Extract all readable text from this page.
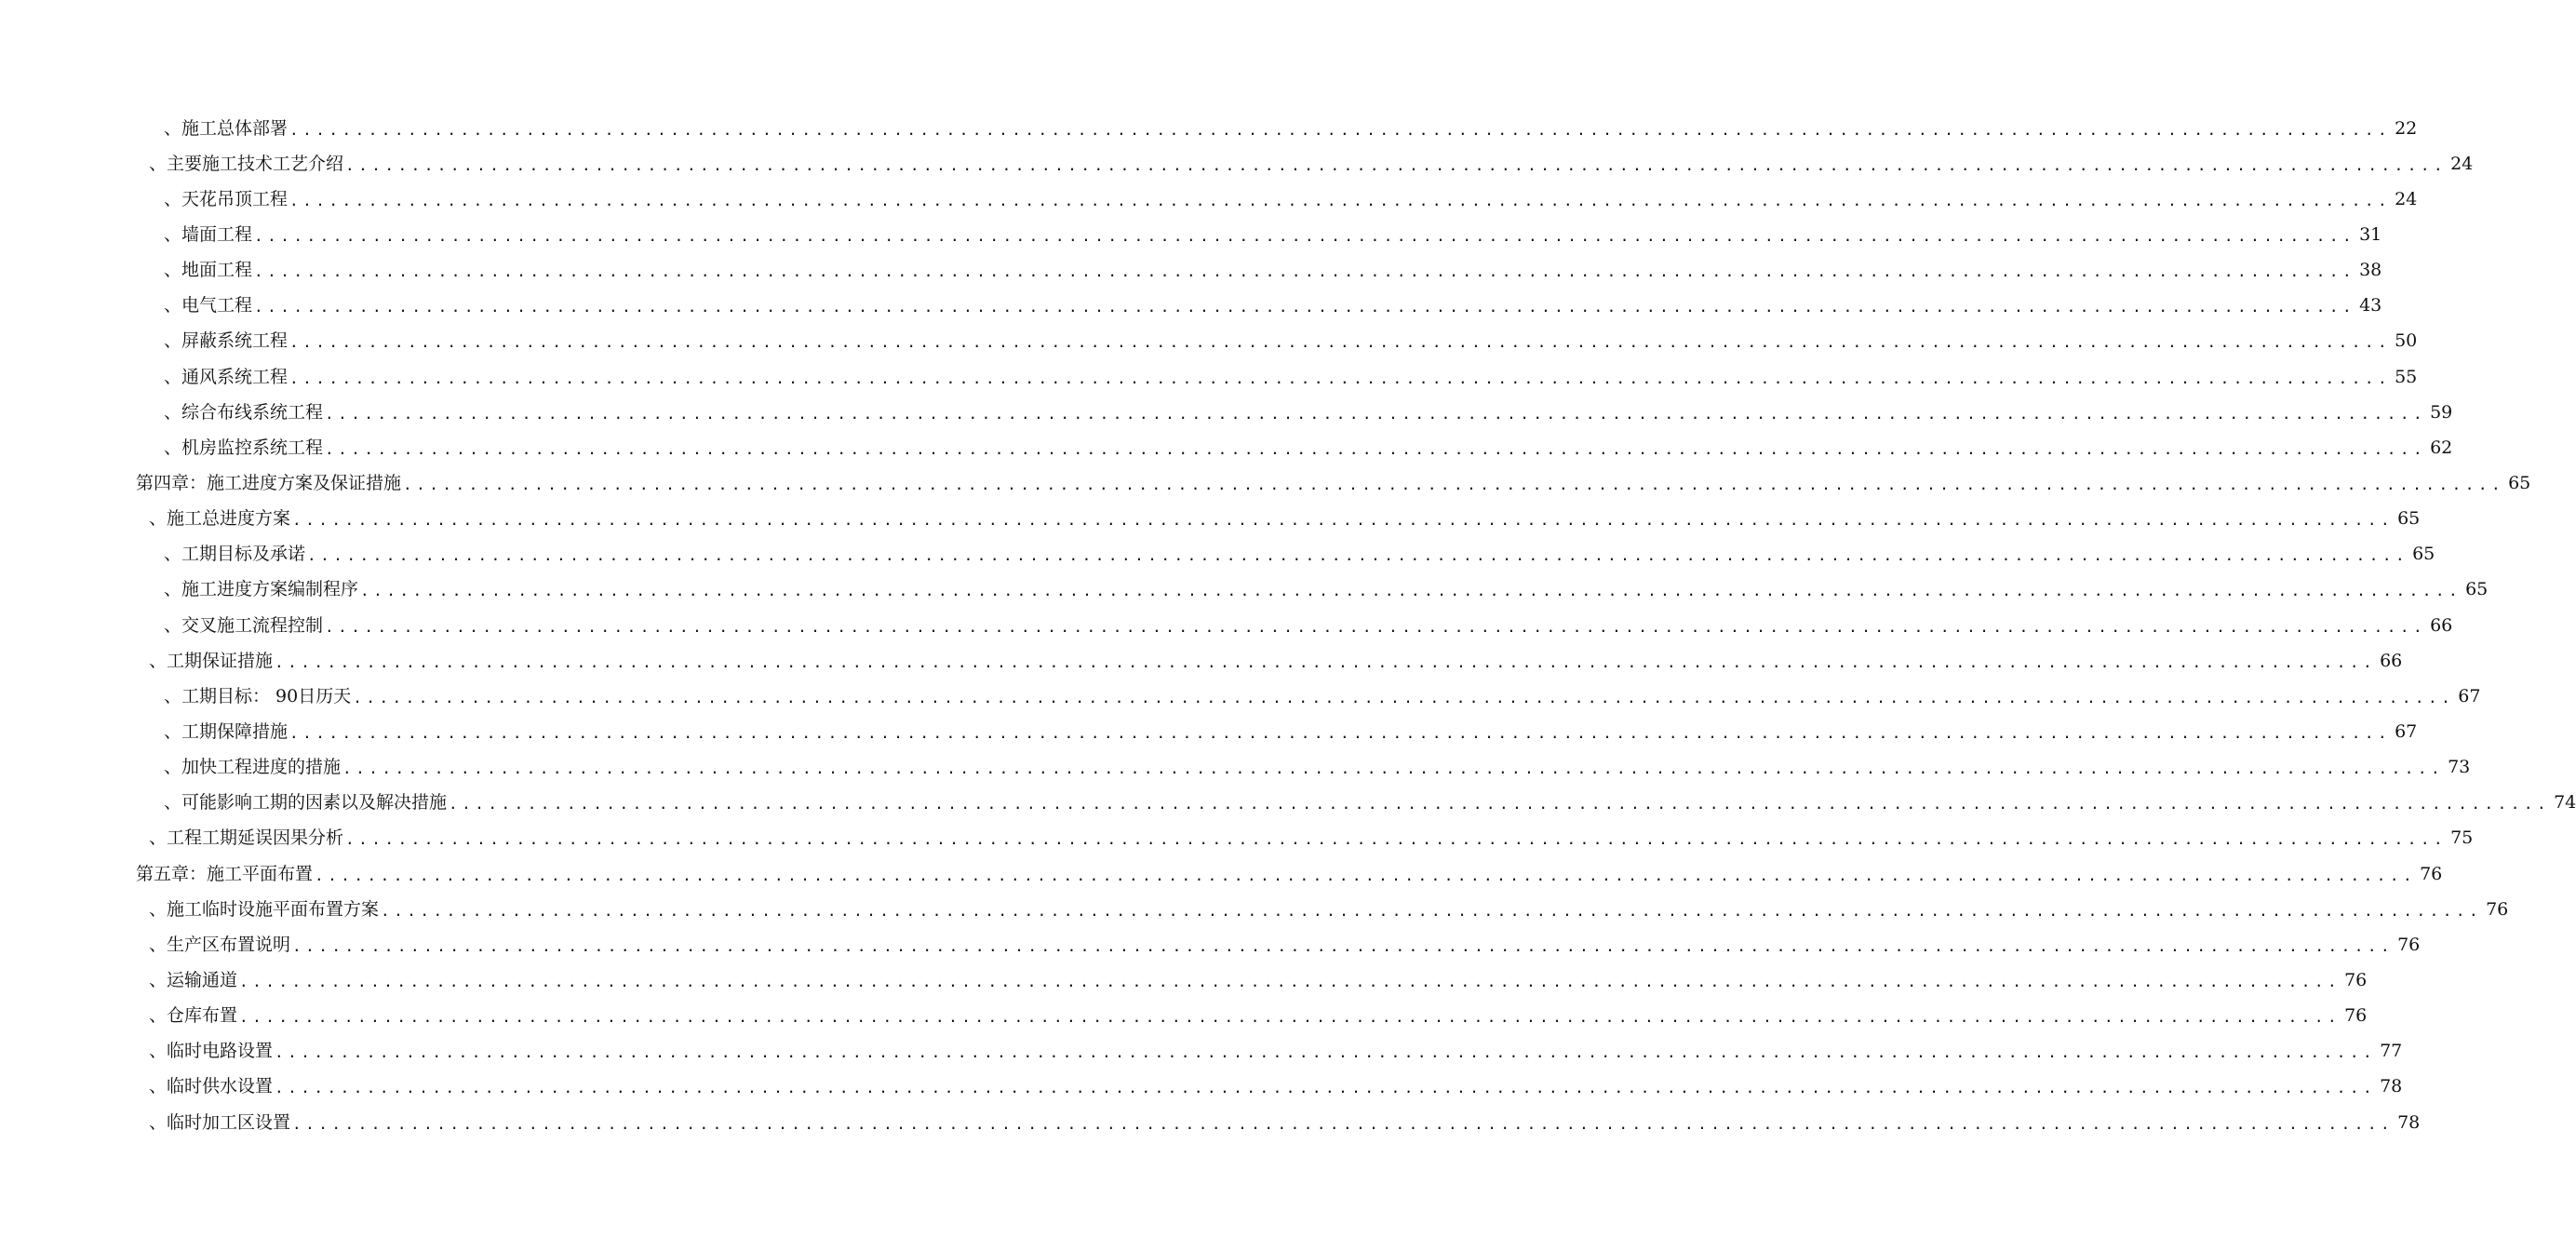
、施工总体部署 ................................................................................................................................................................ 22
、主要施工技术工艺介绍 ................................................................................................................................................................ 24
、天花吊顶工程 ................................................................................................................................................................ 24
、墙面工程 ................................................................................................................................................................ 31
、地面工程 ................................................................................................................................................................ 38
、电气工程 ................................................................................................................................................................ 43
、屏蔽系统工程 ................................................................................................................................................................ 50
、通风系统工程 ................................................................................................................................................................ 55
、综合布线系统工程 ................................................................................................................................................................ 59
、机房监控系统工程 ................................................................................................................................................................ 62
第四章：施工进度方案及保证措施 ................................................................................................................................................................ 65
、施工总进度方案 ................................................................................................................................................................ 65
、工期目标及承诺 ................................................................................................................................................................ 65
、施工进度方案编制程序 ................................................................................................................................................................ 65
、交叉施工流程控制 ................................................................................................................................................................ 66
、工期保证措施 ................................................................................................................................................................ 66
、工期目标： 90日历天 ................................................................................................................................................................ 67
、工期保障措施 ................................................................................................................................................................ 67
、加快工程进度的措施 ................................................................................................................................................................ 73
、可能影响工期的因素以及解决措施 ................................................................................................................................................................ 74
、工程工期延误因果分析 ................................................................................................................................................................ 75
第五章：施工平面布置 ................................................................................................................................................................ 76
、施工临时设施平面布置方案 ................................................................................................................................................................ 76
、生产区布置说明 ................................................................................................................................................................ 76
、运输通道 ................................................................................................................................................................ 76
、仓库布置 ................................................................................................................................................................ 76
、临时电路设置 ................................................................................................................................................................ 77
、临时供水设置 ................................................................................................................................................................ 78
、临时加工区设置 ................................................................................................................................................................ 78
